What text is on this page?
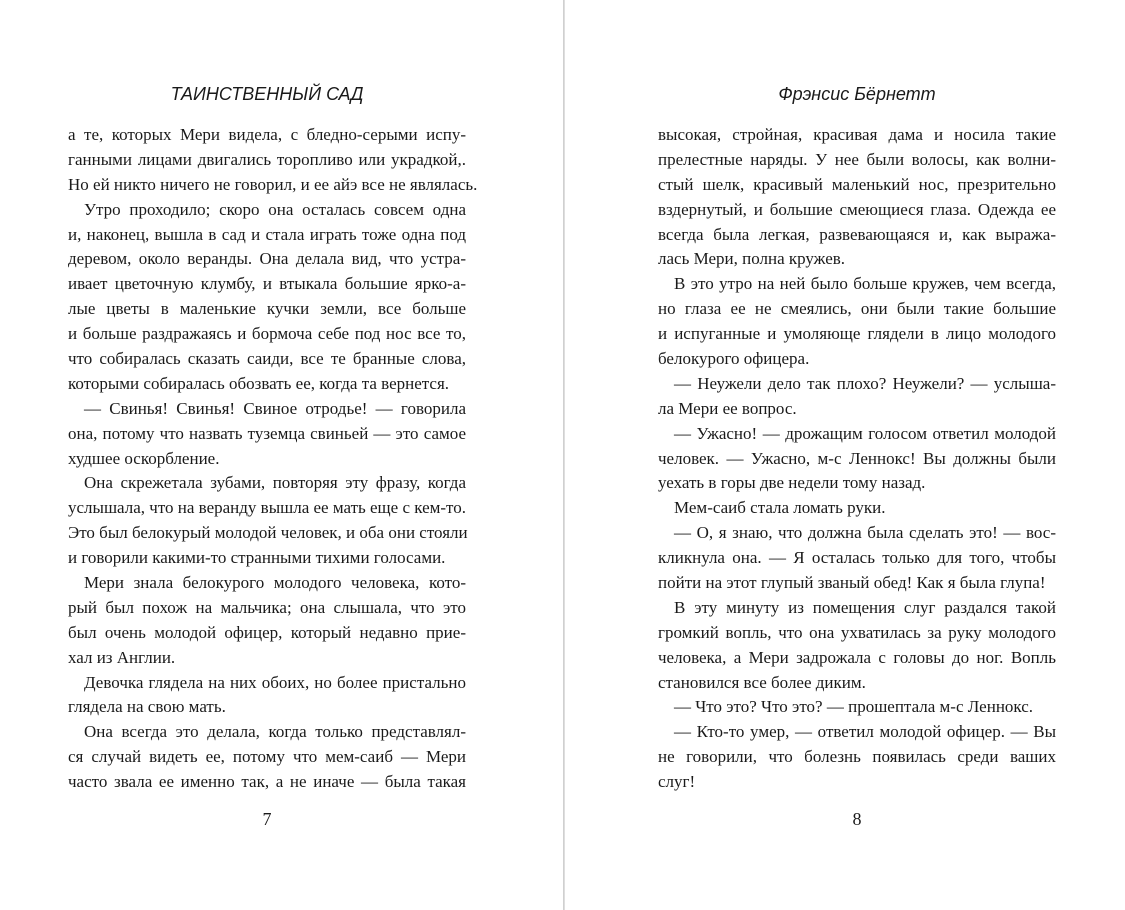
ТАИНСТВЕННЫЙ САД
а те, которых Мери видела, с бледно-серыми испу-
ганными лицами двигались торопливо или украдкой,.
Но ей никто ничего не говорил, и ее айэ все не являлась.
Утро проходило; скоро она осталась совсем одна
и, наконец, вышла в сад и стала играть тоже одна под
деревом, около веранды. Она делала вид, что устра-
ивает цветочную клумбу, и втыкала большие ярко-а-
лые цветы в маленькие кучки земли, все больше
и больше раздражаясь и бормоча себе под нос все то,
что собиралась сказать саиди, все те бранные слова,
которыми собиралась обозвать ее, когда та вернется.
— Свинья! Свинья! Свиное отродье! — говорила
она, потому что назвать туземца свиньей — это самое
худшее оскорбление.
Она скрежетала зубами, повторяя эту фразу, когда
услышала, что на веранду вышла ее мать еще с кем-то.
Это был белокурый молодой человек, и оба они стояли
и говорили какими-то странными тихими голосами.
Мери знала белокурого молодого человека, кото-
рый был похож на мальчика; она слышала, что это
был очень молодой офицер, который недавно прие-
хал из Англии.
Девочка глядела на них обоих, но более пристально
глядела на свою мать.
Она всегда это делала, когда только представлял-
ся случай видеть ее, потому что мем-саиб — Мери
часто звала ее именно так, а не иначе — была такая
7
Фрэнсис Бёрнетт
высокая, стройная, красивая дама и носила такие
прелестные наряды. У нее были волосы, как волни-
стый шелк, красивый маленький нос, презрительно
вздернутый, и большие смеющиеся глаза. Одежда ее
всегда была легкая, развевающаяся и, как выража-
лась Мери, полна кружев.
В это утро на ней было больше кружев, чем всегда,
но глаза ее не смеялись, они были такие большие
и испуганные и умоляюще глядели в лицо молодого
белокурого офицера.
— Неужели дело так плохо? Неужели? — услыша-
ла Мери ее вопрос.
— Ужасно! — дрожащим голосом ответил молодой
человек. — Ужасно, м-с Леннокс! Вы должны были
уехать в горы две недели тому назад.
Мем-саиб стала ломать руки.
— О, я знаю, что должна была сделать это! — вос-
кликнула она. — Я осталась только для того, чтобы
пойти на этот глупый званый обед! Как я была глупа!
В эту минуту из помещения слуг раздался такой
громкий вопль, что она ухватилась за руку молодого
человека, а Мери задрожала с головы до ног. Вопль
становился все более диким.
— Что это? Что это? — прошептала м-с Леннокс.
— Кто-то умер, — ответил молодой офицер. — Вы
не говорили, что болезнь появилась среди ваших
слуг!
8
